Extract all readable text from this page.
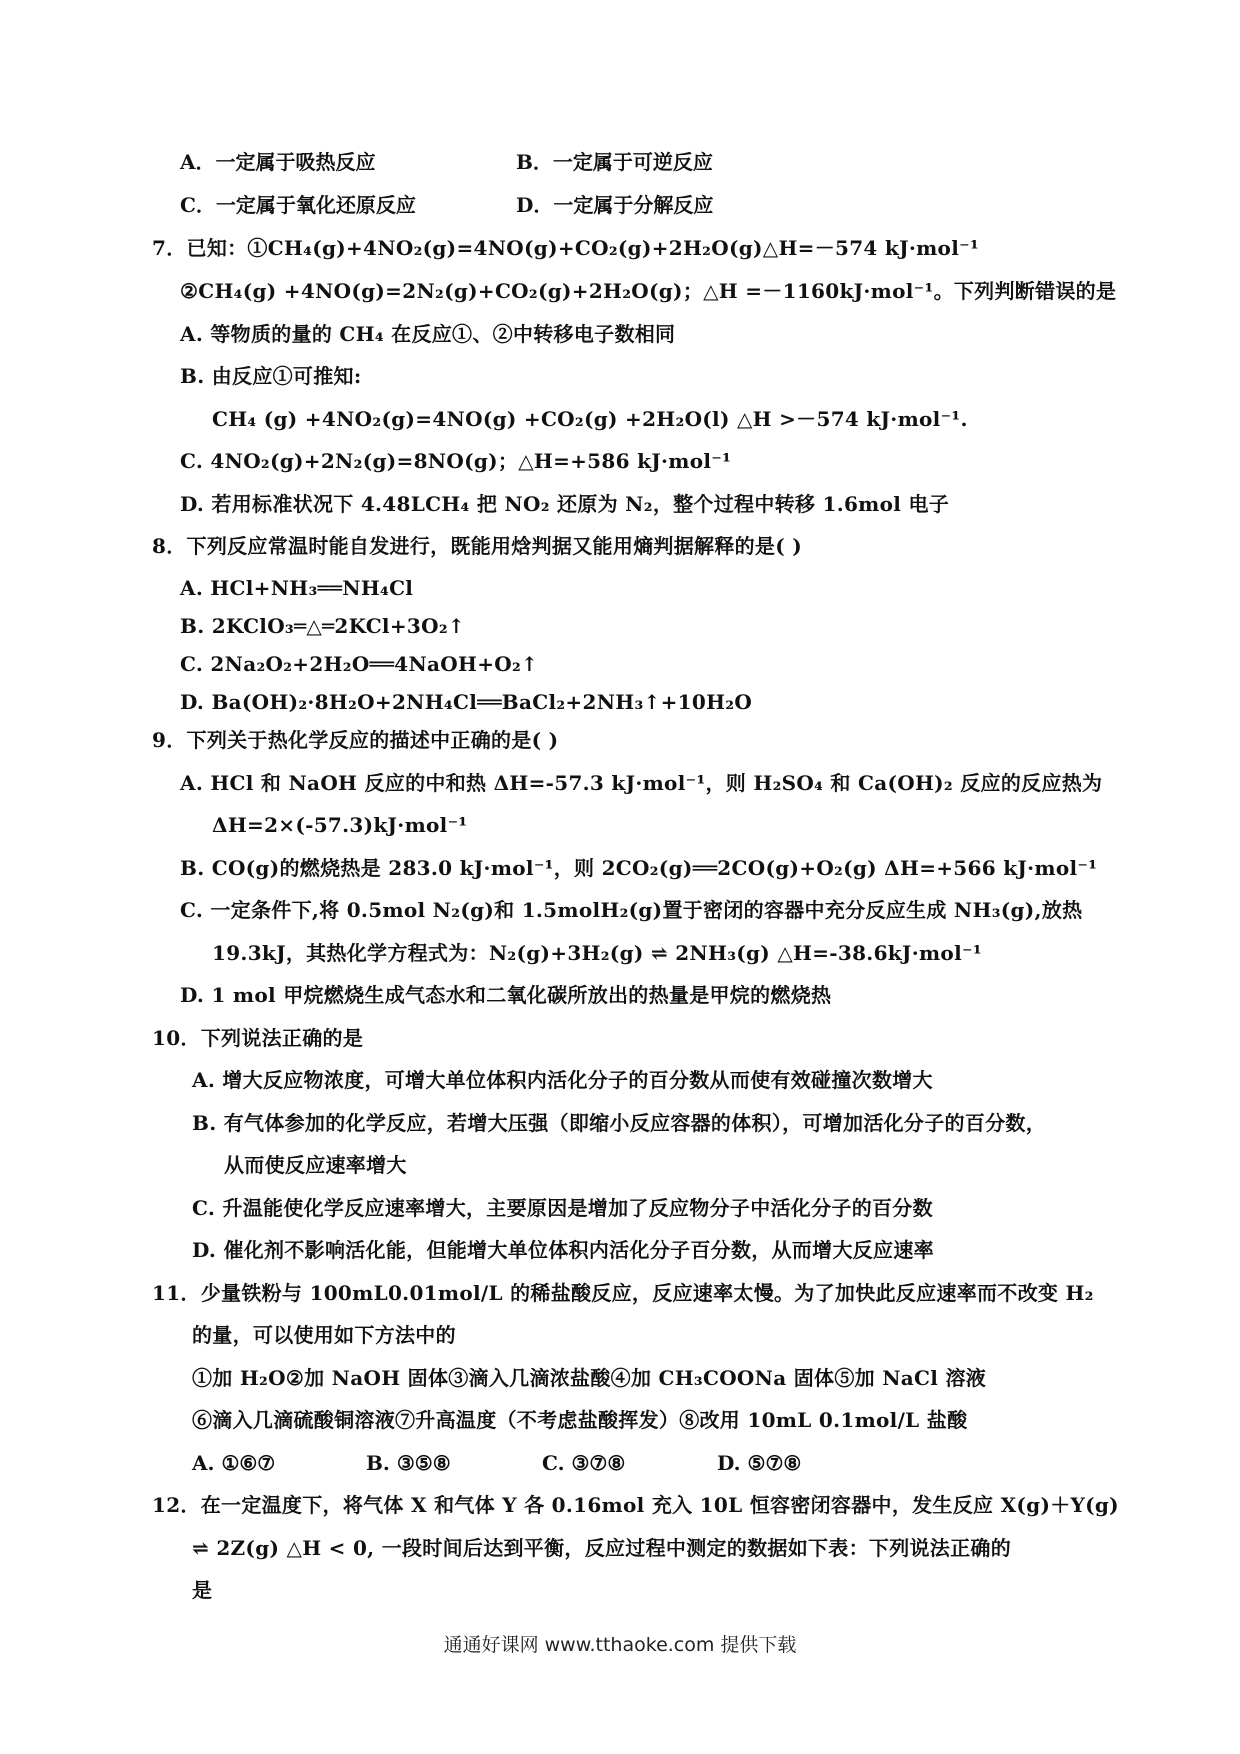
A．一定属于吸热反应	B．一定属于可逆反应
C．一定属于氧化还原反应	D．一定属于分解反应
7．已知：①CH₄(g)+4NO₂(g)=4NO(g)+CO₂(g)+2H₂O(g)△H=－574 kJ·mol⁻¹
②CH₄(g) +4NO(g)=2N₂(g)+CO₂(g)+2H₂O(g)；△H =－1160kJ·mol⁻¹。下列判断错误的是
A. 等物质的量的 CH₄ 在反应①、②中转移电子数相同
B. 由反应①可推知:
CH₄ (g) +4NO₂(g)=4NO(g) +CO₂(g) +2H₂O(l) △H >－574 kJ·mol⁻¹.
C. 4NO₂(g)+2N₂(g)=8NO(g)；△H=+586 kJ·mol⁻¹
D. 若用标准状况下 4.48LCH₄ 把 NO₂ 还原为 N₂，整个过程中转移 1.6mol 电子
8．下列反应常温时能自发进行，既能用焓判据又能用熵判据解释的是( )
A. HCl+NH₃══NH₄Cl
B. 2KClO₃═△═2KCl+3O₂↑
C. 2Na₂O₂+2H₂O══4NaOH+O₂↑
D. Ba(OH)₂·8H₂O+2NH₄Cl══BaCl₂+2NH₃↑+10H₂O
9．下列关于热化学反应的描述中正确的是( )
A. HCl 和 NaOH 反应的中和热 ΔH=-57.3 kJ·mol⁻¹，则 H₂SO₄ 和 Ca(OH)₂ 反应的反应热为
ΔH=2×(-57.3)kJ·mol⁻¹
B. CO(g)的燃烧热是 283.0 kJ·mol⁻¹，则 2CO₂(g)══2CO(g)+O₂(g) ΔH=+566 kJ·mol⁻¹
C. 一定条件下,将 0.5mol N₂(g)和 1.5molH₂(g)置于密闭的容器中充分反应生成 NH₃(g),放热
19.3kJ，其热化学方程式为：N₂(g)+3H₂(g) ⇌ 2NH₃(g) △H=-38.6kJ·mol⁻¹
D. 1 mol 甲烷燃烧生成气态水和二氧化碳所放出的热量是甲烷的燃烧热
10．下列说法正确的是
A. 增大反应物浓度，可增大单位体积内活化分子的百分数从而使有效碰撞次数增大
B. 有气体参加的化学反应，若增大压强（即缩小反应容器的体积），可增加活化分子的百分数，
从而使反应速率增大
C. 升温能使化学反应速率增大，主要原因是增加了反应物分子中活化分子的百分数
D. 催化剂不影响活化能，但能增大单位体积内活化分子百分数，从而增大反应速率
11．少量铁粉与 100mL0.01mol/L 的稀盐酸反应，反应速率太慢。为了加快此反应速率而不改变 H₂
的量，可以使用如下方法中的
①加 H₂O②加 NaOH 固体③滴入几滴浓盐酸④加 CH₃COONa 固体⑤加 NaCl 溶液
⑥滴入几滴硫酸铜溶液⑦升高温度（不考虑盐酸挥发）⑧改用 10mL 0.1mol/L 盐酸
A. ①⑥⑦	B. ③⑤⑧	C. ③⑦⑧	D. ⑤⑦⑧
12．在一定温度下，将气体 X 和气体 Y 各 0.16mol 充入 10L 恒容密闭容器中，发生反应 X(g)＋Y(g)
⇌ 2Z(g) △H < 0, 一段时间后达到平衡，反应过程中测定的数据如下表：下列说法正确的
是
通通好课网 www.tthaoke.com 提供下载
